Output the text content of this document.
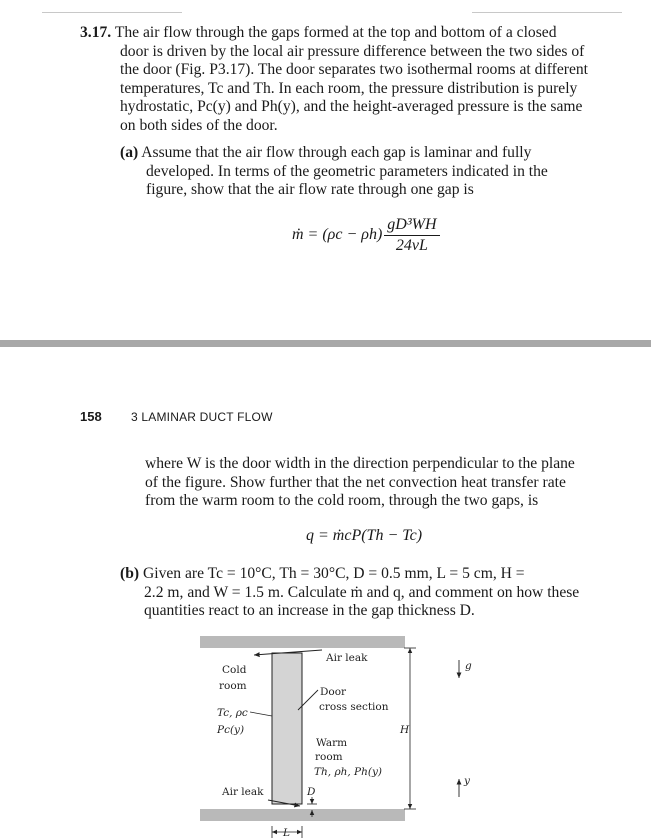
3.17. The air flow through the gaps formed at the top and bottom of a closed
door is driven by the local air pressure difference between the two sides of
the door (Fig. P3.17). The door separates two isothermal rooms at different
temperatures, Tc and Th. In each room, the pressure distribution is purely
hydrostatic, Pc(y) and Ph(y), and the height-averaged pressure is the same
on both sides of the door.
(a) Assume that the air flow through each gap is laminar and fully
developed. In terms of the geometric parameters indicated in the
figure, show that the air flow rate through one gap is
ṁ = $(\rho c - \rho h) \frac{\text{gD³WH}}{24\nu L}$
158 3 LAMINAR DUCT FLOW
where W is the door width in the direction perpendicular to the plane
of the figure. Show further that the net convection heat transfer rate
from the warm room to the cold room, through the two gaps, is
q = ṁcP(Th − Tc)
(b) Given are Tc = 10°C, Th = 30°C, D = 0.5 mm, L = 5 cm, H =
2.2 m, and W = 1.5 m. Calculate ṁ and q, and comment on how these
quantities react to an increase in the gap thickness D.
Cold
room
Tc, ρc
Pc(y)
Air leak
Door
cross section
Warm
room
Th, ρh, Ph(y)
Air leak
H
D
L
g
y
